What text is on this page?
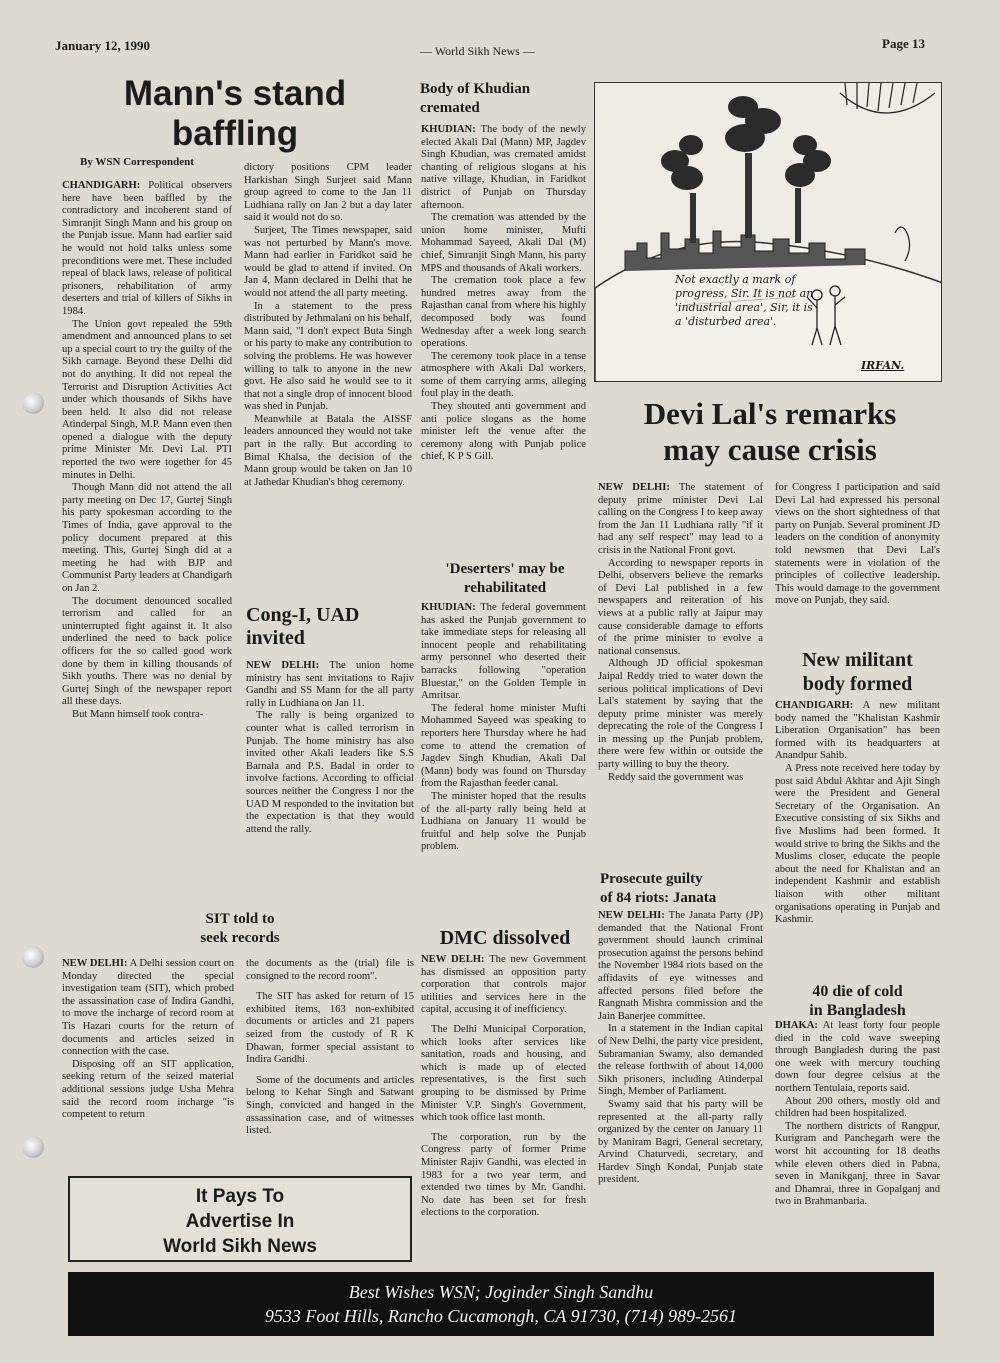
January 12, 1990	— World Sikh News —	Page 13
Mann's stand
baffling
By WSN Correspondent

CHANDIGARH: Political observers here have been baffled by the contradictory and incoherent stand of Simranjit Singh Mann and his group on the Punjab issue. Mann had earlier said he would not hold talks unless some preconditions were met. These included repeal of black laws, release of political prisoners, rehabilitation of army deserters and trial of killers of Sikhs in 1984.

The Union govt repealed the 59th amendment and announced plans to set up a special court to try the guilty of the Sikh carnage. Beyond these Delhi did not do anything. It did not repeal the Terrorist and Disruption Activities Act under which thousands of Sikhs have been held. It also did not release Atinderpal Singh, M.P. Mann even then opened a dialogue with the deputy prime Minister Mr. Devi Lal. PTI reported the two were together for 45 minutes in Delhi.

Though Mann did not attend the all party meeting on Dec 17, Gurtej Singh his party spokesman according to the Times of India, gave approval to the policy document prepared at this meeting. This, Gurtej Singh did at a meeting he had with BJP and Communist Party leaders at Chandigarh on Jan 2.

The document denounced socalled terrorism and called for an uninterrupted fight against it. It also underlined the need to back police officers for the so called good work done by them in killing thousands of Sikh youths. There was no denial by Gurtej Singh of the newspaper report all these days.

But Mann himself took contra-

dictory positions CPM leader Harkishan Singh Surjeet said Mann group agreed to come to the Jan 11 Ludhiana rally on Jan 2 but a day later said it would not do so.

Surjeet, The Times newspaper, said was not perturbed by Mann's move. Mann had earlier in Faridkot said he would be glad to attend if invited. On Jan 4, Mann declared in Delhi that he would not attend the all party meeting.

In a statement to the press distributed by Jethmalani on his behalf, Mann said, "I don't expect Buta Singh or his party to make any contribution to solving the problems. He was however willing to talk to anyone in the new govt. He also said he would see to it that not a single drop of innocent blood was shed in Punjab.

Meanwhile at Batala the AISSF leaders announced they would not take part in the rally. But according to Bimal Khalsa, the decision of the Mann group would be taken on Jan 10 at Jathedar Khudian's bhog ceremony.

Cong-I, UAD
invited

NEW DELHI: The union home ministry has sent invitations to Rajiv Gandhi and SS Mann for the all party rally in Ludhiana on Jan 11.

The rally is being organized to counter what is called terrorism in Punjab. The home ministry has also invited other Akali leaders like S.S Barnala and P.S. Badal in order to involve factions. According to official sources neither the Congress I nor the UAD M responded to the invitation but the expectation is that they would attend the rally.

Body of Khudian
cremated

KHUDIAN: The body of the newly elected Akali Dal (Mann) MP, Jagdev Singh Khudian, was cremated amidst chanting of religious slogans at his native village, Khudian, in Faridkot district of Punjab on Thursday afternoon.

The cremation was attended by the union home minister, Mufti Mohammad Sayeed, Akali Dal (M) chief, Simranjit Singh Mann, his party MPS and thousands of Akali workers.

The cremation took place a few hundred metres away from the Rajasthan canal from where his highly decomposed body was found Wednesday after a week long search operations.

The ceremony took place in a tense atmosphere with Akali Dal workers, some of them carrying arms, alleging foul play in the death.

They shouted anti government and anti police slogans as the home minister left the venue after the ceremony along with Punjab police chief, K P S Gill.

'Deserters' may be
rehabilitated

KHUDIAN: The federal government has asked the Punjab government to take immediate steps for releasing all innocent people and rehabilitating army personnel who deserted their barracks following "operation Bluestar," on the Golden Temple in Amritsar.

The federal home minister Mufti Mohammed Sayeed was speaking to reporters here Thursday where he had come to attend the cremation of Jagdev Singh Khudian, Akali Dal (Mann) body was found on Thursday from the Rajasthan feeder canal.

The minister hoped that the results of the all-party rally being held at Ludhiana on January 11 would be fruitful and help solve the Punjab problem.

DMC dissolved

NEW DELH: The new Government has dismissed an opposition party corporation that controls major utilities and services here in the capital, accusing it of inefficiency.

The Delhi Municipal Corporation, which looks after services like sanitation, roads and housing, and which is made up of elected representatives, is the first such grouping to be dismissed by Prime Minister V.P. Singh's Government, which took office last month.

The corporation, run by the Congress party of former Prime Minister Rajiv Gandhi, was elected in 1983 for a two year term, and extended two times by Mr. Gandhi. No date has been set for fresh elections to the corporation.

Not exactly a mark of progress, Sir. It is not an 'industrial area', Sir, it is a 'disturbed area'.
IRFAN.
Devi Lal's remarks
may cause crisis

NEW DELHI: The statement of deputy prime minister Devi Lal calling on the Congress I to keep away from the Jan 11 Ludhiana rally "if it had any self respect" may lead to a crisis in the National Front govt.

According to newspaper reports in Delhi, observers believe the remarks of Devi Lal published in a few newspapers and reiteration of his views at a public rally at Jaipur may cause considerable damage to efforts of the prime minister to evolve a national consensus.

Although JD official spokesman Jaipal Reddy tried to water down the serious political implications of Devi Lal's statement by saying that the deputy prime minister was merely deprecating the role of the Congress I in messing up the Punjab problem, there were few within or outside the party willing to buy the theory.

Reddy said the government was

for Congress I participation and said Devi Lal had expressed his personal views on the short sightedness of that party on Punjab. Several prominent JD leaders on the condition of anonymity told newsmen that Devi Lal's statements were in violation of the principles of collective leadership. This would damage to the government move on Punjab, they said.

New militant
body formed

CHANDIGARH: A new militant body named the "Khalistan Kashmir Liberation Organisation" has been formed with its headquarters at Anandpur Sahib.

A Press note received here today by post said Abdul Akhtar and Ajit Singh were the President and General Secretary of the Organisation. An Executive consisting of six Sikhs and five Muslims had been formed. It would strive to bring the Sikhs and the Muslims closer, educate the people about the need for Khalistan and an independent Kashmir and establish liaison with other militant organisations operating in Punjab and Kashmir.

Prosecute guilty
of 84 riots: Janata

NEW DELHI: The Janata Party (JP) demanded that the National Front government should launch criminal prosecution against the persons behind the November 1984 riots based on the affidavits of eye witnesses and affected persons filed before the Rangnath Mishra commission and the Jain Banerjee committee.

In a statement in the Indian capital of New Delhi, the party vice president, Subramanian Swamy, also demanded the release forthwith of about 14,000 Sikh prisoners, including Atinderpal Singh, Member of Parliament.

Swamy said that his party will be represented at the all-party rally organized by the center on January 11 by Maniram Bagri, General secretary, Arvind Chaturvedi, secretary, and Hardev Singh Kondal, Punjab state president.

40 die of cold
in Bangladesh

DHAKA: At least forty four people died in the cold wave sweeping through Bangladesh during the past one week with mercury touching down four degree celsius at the northern Tentulaia, reports said.

About 200 others, mostly old and children had been hospitalized.

The northern districts of Rangpur, Kurigram and Panchegarh were the worst hit accounting for 18 deaths while eleven others died in Pabna, seven in Manikganj, three in Savar and Dhamrai, three in Gopalganj and two in Brahmanbaria.

SIT told to
seek records

NEW DELHI: A Delhi session court on Monday directed the special investigation team (SIT), which probed the assassination case of Indira Gandhi, to move the incharge of record room at Tis Hazari courts for the return of documents and articles seized in connection with the case.

Disposing off an SIT application, seeking return of the seized material additional sessions judge Usha Mehra said the record room incharge "is competent to return

the documents as the (trial) file is consigned to the record room".

The SIT has asked for return of 15 exhibited items, 163 non-exhibited documents or articles and 21 papers seized from the custody of R K Dhawan, former special assistant to Indira Gandhi.

Some of the documents and articles belong to Kehar Singh and Satwant Singh, convicted and hanged in the assassination case, and of witnesses listed.

It Pays To
Advertise In
World Sikh News
Best Wishes WSN; Joginder Singh Sandhu
9533 Foot Hills, Rancho Cucamongh, CA 91730, (714) 989-2561
